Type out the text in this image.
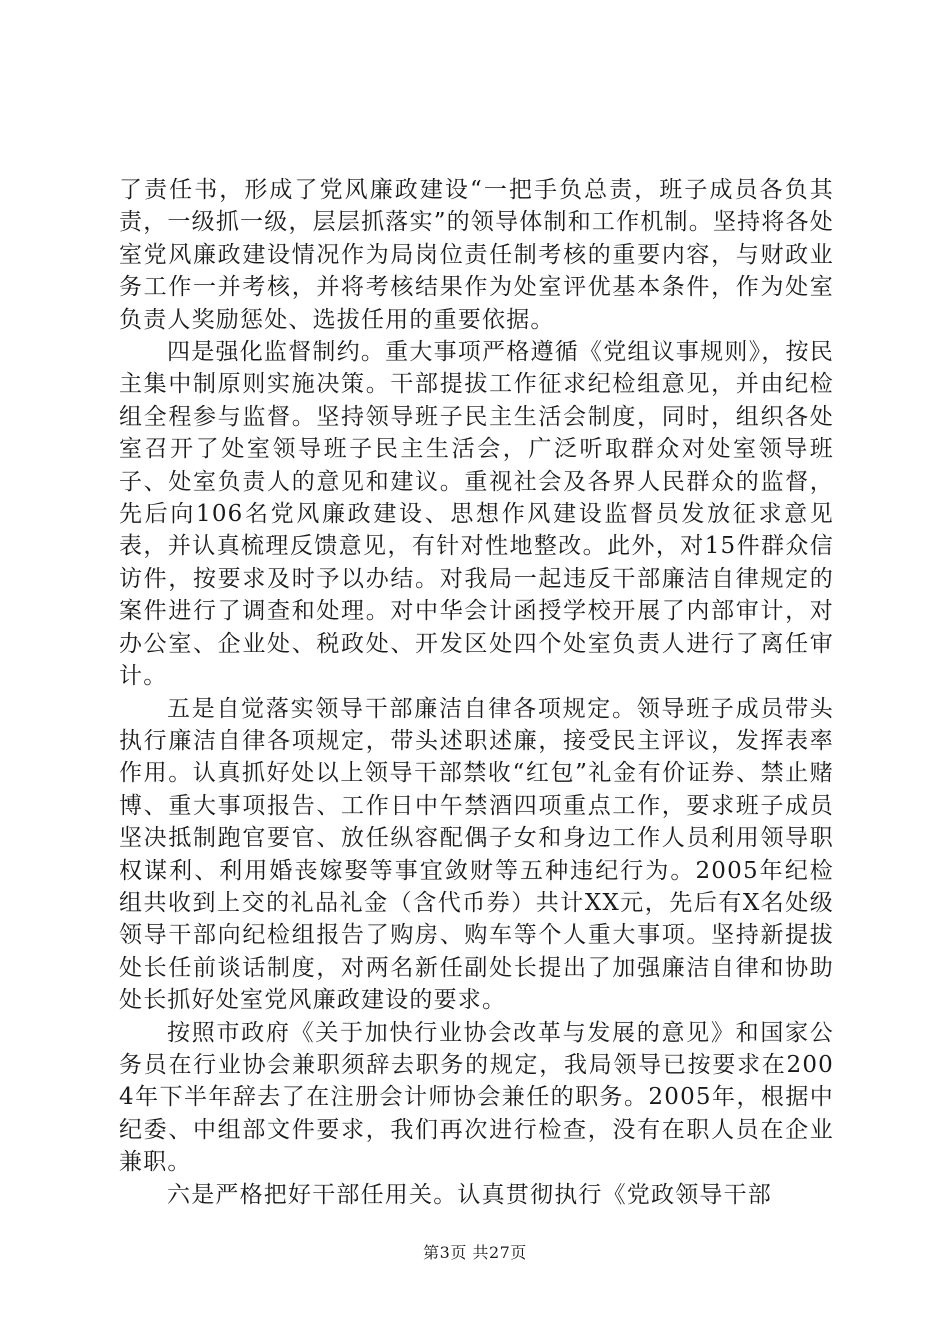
了责任书，形成了党风廉政建设“一把手负总责，班子成员各负其责，一级抓一级，层层抓落实”的领导体制和工作机制。坚持将各处室党风廉政建设情况作为局岗位责任制考核的重要内容，与财政业务工作一并考核，并将考核结果作为处室评优基本条件，作为处室负责人奖励惩处、选拔任用的重要依据。

四是强化监督制约。重大事项严格遵循《党组议事规则》，按民主集中制原则实施决策。干部提拔工作征求纪检组意见，并由纪检组全程参与监督。坚持领导班子民主生活会制度，同时，组织各处室召开了处室领导班子民主生活会，广泛听取群众对处室领导班子、处室负责人的意见和建议。重视社会及各界人民群众的监督，先后向106名党风廉政建设、思想作风建设监督员发放征求意见表，并认真梳理反馈意见，有针对性地整改。此外，对15件群众信访件，按要求及时予以办结。对我局一起违反干部廉洁自律规定的案件进行了调查和处理。对中华会计函授学校开展了内部审计，对办公室、企业处、税政处、开发区处四个处室负责人进行了离任审计。

五是自觉落实领导干部廉洁自律各项规定。领导班子成员带头执行廉洁自律各项规定，带头述职述廉，接受民主评议，发挥表率作用。认真抓好处以上领导干部禁收“红包”礼金有价证券、禁止赌博、重大事项报告、工作日中午禁酒四项重点工作，要求班子成员坚决抵制跑官要官、放任纵容配偶子女和身边工作人员利用领导职权谋利、利用婚丧嫁娶等事宜敛财等五种违纪行为。2005年纪检组共收到上交的礼品礼金（含代币券）共计XX元，先后有X名处级领导干部向纪检组报告了购房、购车等个人重大事项。坚持新提拔处长任前谈话制度，对两名新任副处长提出了加强廉洁自律和协助处长抓好处室党风廉政建设的要求。

按照市政府《关于加快行业协会改革与发展的意见》和国家公务员在行业协会兼职须辞去职务的规定，我局领导已按要求在2004年下半年辞去了在注册会计师协会兼任的职务。2005年，根据中纪委、中组部文件要求，我们再次进行检查，没有在职人员在企业兼职。

六是严格把好干部任用关。认真贯彻执行《党政领导干部

第3页 共27页
